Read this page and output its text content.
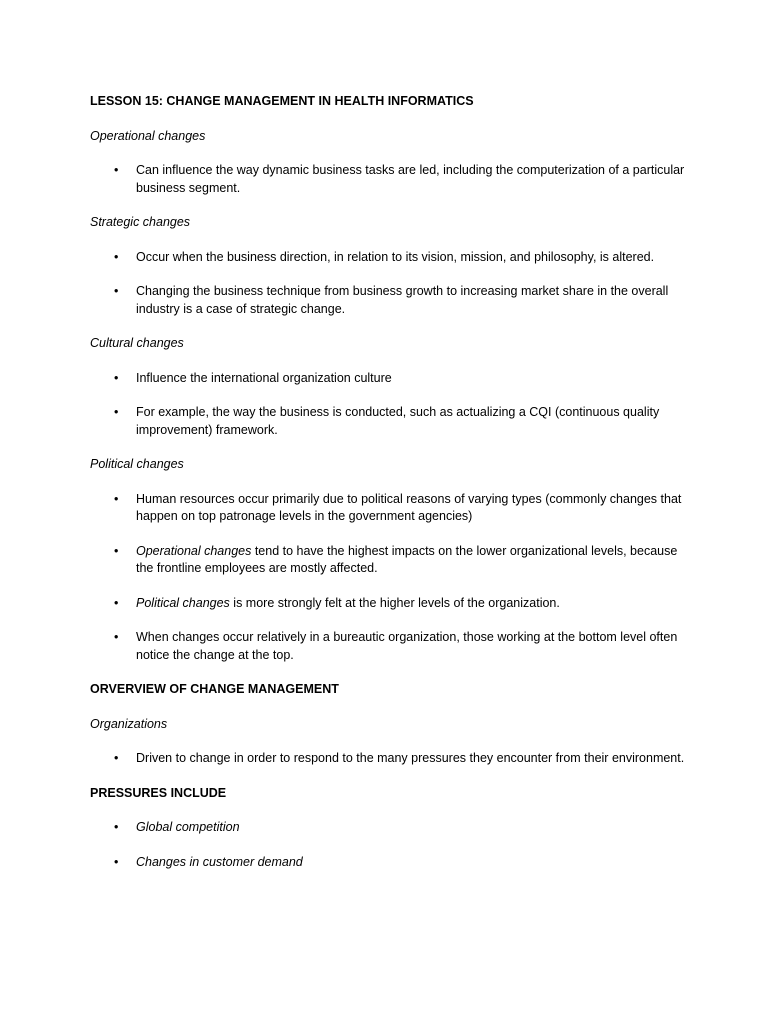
LESSON 15: CHANGE MANAGEMENT IN HEALTH INFORMATICS

Operational changes

• Can influence the way dynamic business tasks are led, including the computerization of a particular business segment.

Strategic changes

• Occur when the business direction, in relation to its vision, mission, and philosophy, is altered.
• Changing the business technique from business growth to increasing market share in the overall industry is a case of strategic change.

Cultural changes

• Influence the international organization culture
• For example, the way the business is conducted, such as actualizing a CQI (continuous quality improvement) framework.

Political changes

• Human resources occur primarily due to political reasons of varying types (commonly changes that happen on top patronage levels in the government agencies)
• Operational changes tend to have the highest impacts on the lower organizational levels, because the frontline employees are mostly affected.
• Political changes is more strongly felt at the higher levels of the organization.
• When changes occur relatively in a bureautic organization, those working at the bottom level often notice the change at the top.

ORVERVIEW OF CHANGE MANAGEMENT

Organizations

• Driven to change in order to respond to the many pressures they encounter from their environment.

PRESSURES INCLUDE

• Global competition
• Changes in customer demand
